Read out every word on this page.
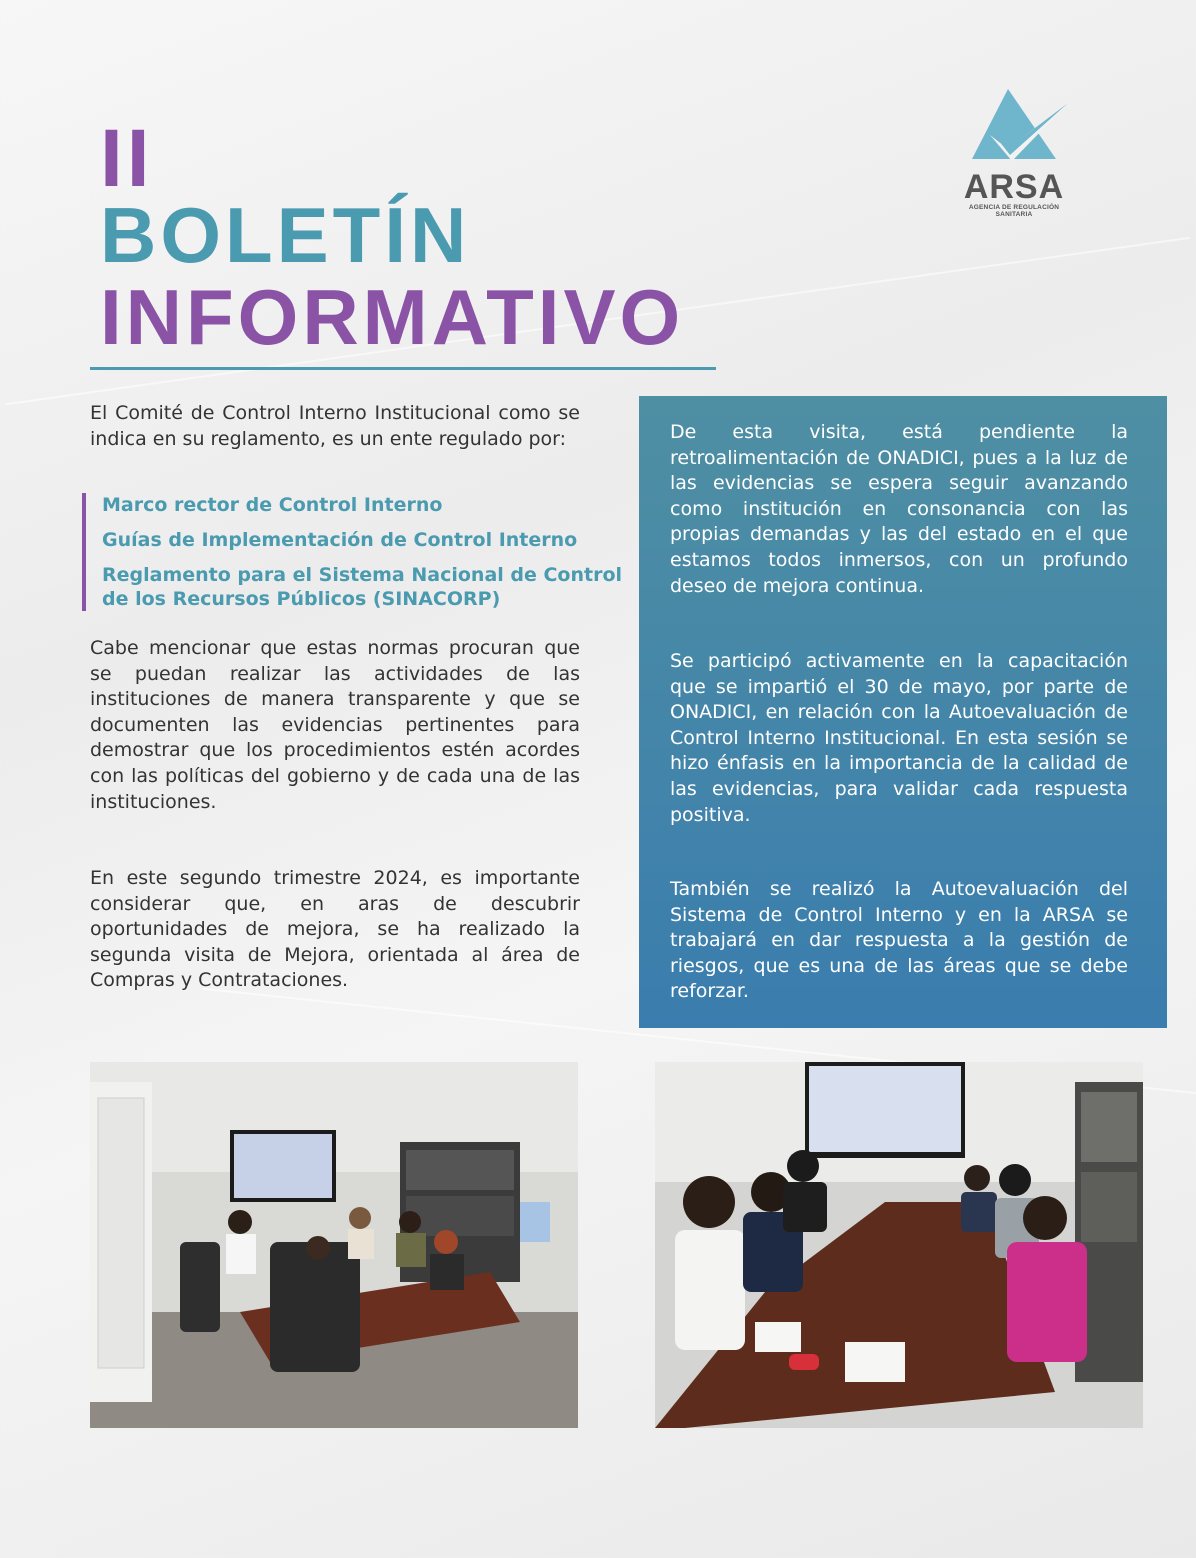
II
BOLETÍN
INFORMATIVO
ARSA
AGENCIA DE REGULACIÓN SANITARIA
El Comité de Control Interno Institucional como se indica en su reglamento, es un ente regulado por:
Marco rector de Control Interno
Guías de Implementación de Control Interno
Reglamento para el Sistema Nacional de Control de los Recursos Públicos (SINACORP)
Cabe mencionar que estas normas procuran que se puedan realizar las actividades de las instituciones de manera transparente y que se documenten las evidencias pertinentes para demostrar que los procedimientos estén acordes con las políticas del gobierno y de cada una de las instituciones.
En este segundo trimestre 2024, es importante considerar que, en aras de descubrir oportunidades de mejora, se ha realizado la segunda visita de Mejora, orientada al área de Compras y Contrataciones.
De esta visita, está pendiente la retroalimentación de ONADICI, pues a la luz de las evidencias se espera seguir avanzando como institución en consonancia con las propias demandas y las del estado en el que estamos todos inmersos, con un profundo deseo de mejora continua.
Se participó activamente en la capacitación que se impartió el 30 de mayo, por parte de ONADICI, en relación con la Autoevaluación de Control Interno Institucional. En esta sesión se hizo énfasis en la importancia de la calidad de las evidencias, para validar cada respuesta positiva.
También se realizó la Autoevaluación del Sistema de Control Interno y en la ARSA se trabajará en dar respuesta a la gestión de riesgos, que es una de las áreas que se debe reforzar.
